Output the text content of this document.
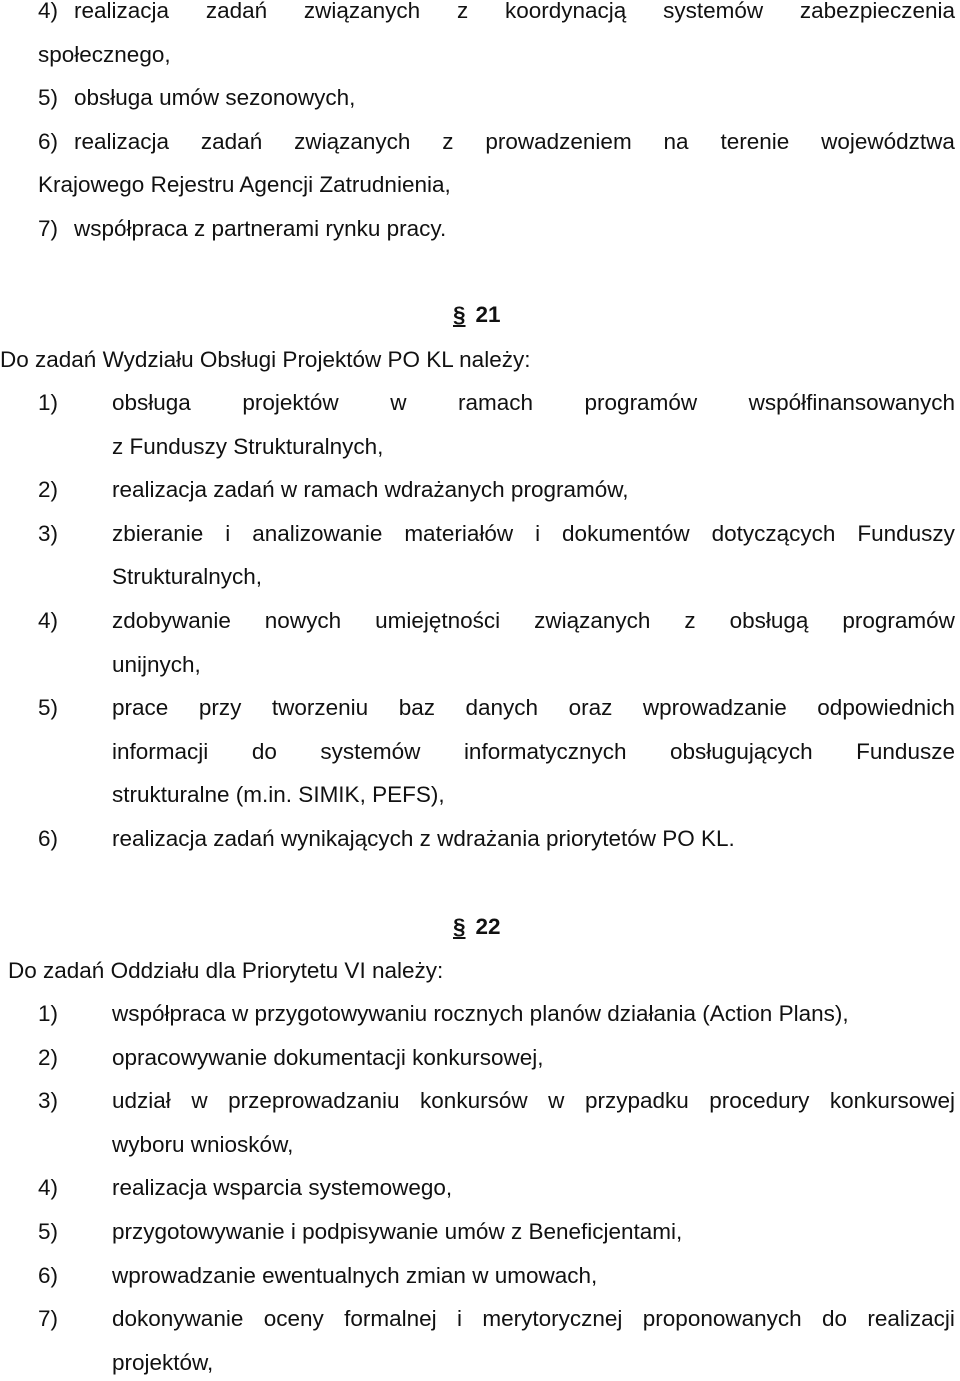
4) realizacja zadań związanych z koordynacją systemów zabezpieczenia
społecznego,
5) obsługa umów sezonowych,
6) realizacja zadań związanych z prowadzeniem na terenie województwa
Krajowego Rejestru Agencji Zatrudnienia,
7) współpraca z partnerami rynku pracy.
§ 21
Do zadań Wydziału Obsługi Projektów PO KL należy:
1) obsługa projektów w ramach programów współfinansowanych
z Funduszy Strukturalnych,
2) realizacja zadań w ramach wdrażanych programów,
3) zbieranie i analizowanie materiałów i dokumentów dotyczących Funduszy
Strukturalnych,
4) zdobywanie nowych umiejętności związanych z obsługą programów
unijnych,
5) prace przy tworzeniu baz danych oraz wprowadzanie odpowiednich
informacji do systemów informatycznych obsługujących Fundusze
strukturalne (m.in. SIMIK, PEFS),
6) realizacja zadań wynikających z wdrażania priorytetów PO KL.
§ 22
Do zadań Oddziału dla Priorytetu VI należy:
1) współpraca w przygotowywaniu rocznych planów działania (Action Plans),
2) opracowywanie dokumentacji konkursowej,
3) udział w przeprowadzaniu konkursów w przypadku procedury konkursowej
wyboru wniosków,
4) realizacja wsparcia systemowego,
5) przygotowywanie i podpisywanie umów z Beneficjentami,
6) wprowadzanie ewentualnych zmian w umowach,
7) dokonywanie oceny formalnej i merytorycznej proponowanych do realizacji
projektów,
